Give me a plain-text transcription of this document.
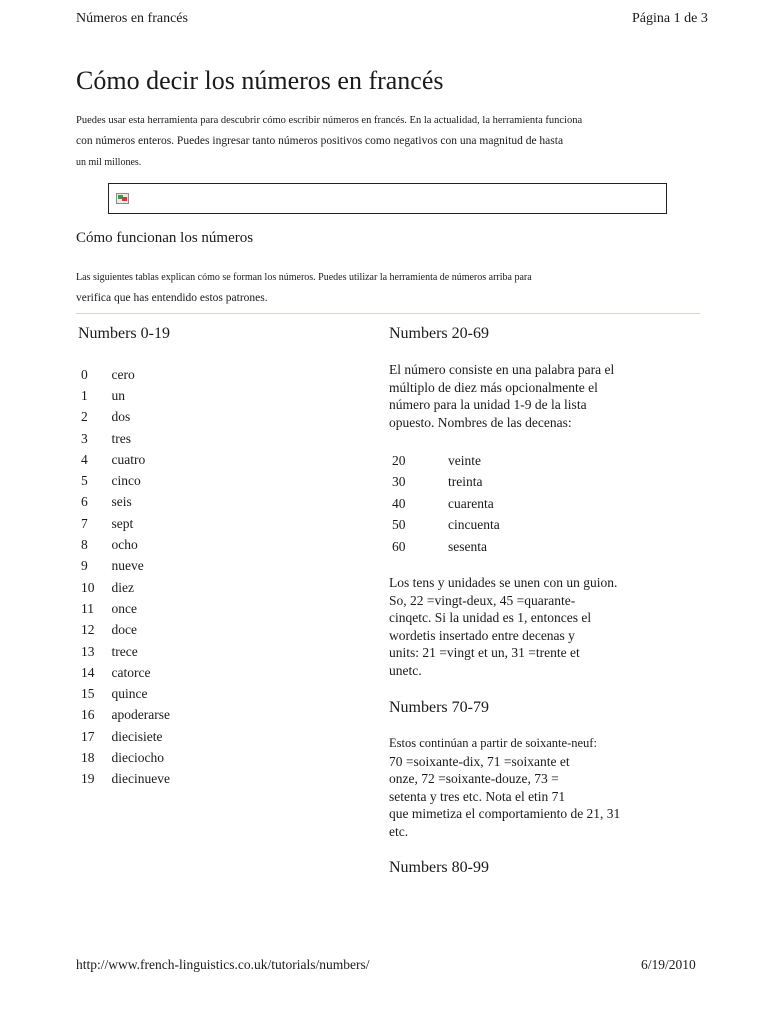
Números en francés	Página 1 de 3
Cómo decir los números en francés
Puedes usar esta herramienta para descubrir cómo escribir números en francés. En la actualidad, la herramienta funciona
con números enteros. Puedes ingresar tanto números positivos como negativos con una magnitud de hasta
un mil millones.
Cómo funcionan los números
Las siguientes tablas explican cómo se forman los números. Puedes utilizar la herramienta de números arriba para
verifica que has entendido estos patrones.
Numbers 0-19
0	cero
1	un
2	dos
3	tres
4	cuatro
5	cinco
6	seis
7	sept
8	ocho
9	nueve
10	diez
11	once
12	doce
13	trece
14	catorce
15	quince
16	apoderarse
17	diecisiete
18	dieciocho
19	diecinueve
Numbers 20-69
El número consiste en una palabra para el
múltiplo de diez más opcionalmente el
número para la unidad 1-9 de la lista
opuesto. Nombres de las decenas:
20	veinte
30	treinta
40	cuarenta
50	cincuenta
60	sesenta
Los tens y unidades se unen con un guion.
So, 22 =vingt-deux, 45 =quarante-
cinqetc. Si la unidad es 1, entonces el
wordetis insertado entre decenas y
units: 21 =vingt et un, 31 =trente et
unetc.
Numbers 70-79
Estos continúan a partir de soixante-neuf:
70 =soixante-dix, 71 =soixante et
onze, 72 =soixante-douze, 73 =
setenta y tres etc. Nota el etin 71
que mimetiza el comportamiento de 21, 31
etc.
Numbers 80-99
http://www.french-linguistics.co.uk/tutorials/numbers/	6/19/2010
